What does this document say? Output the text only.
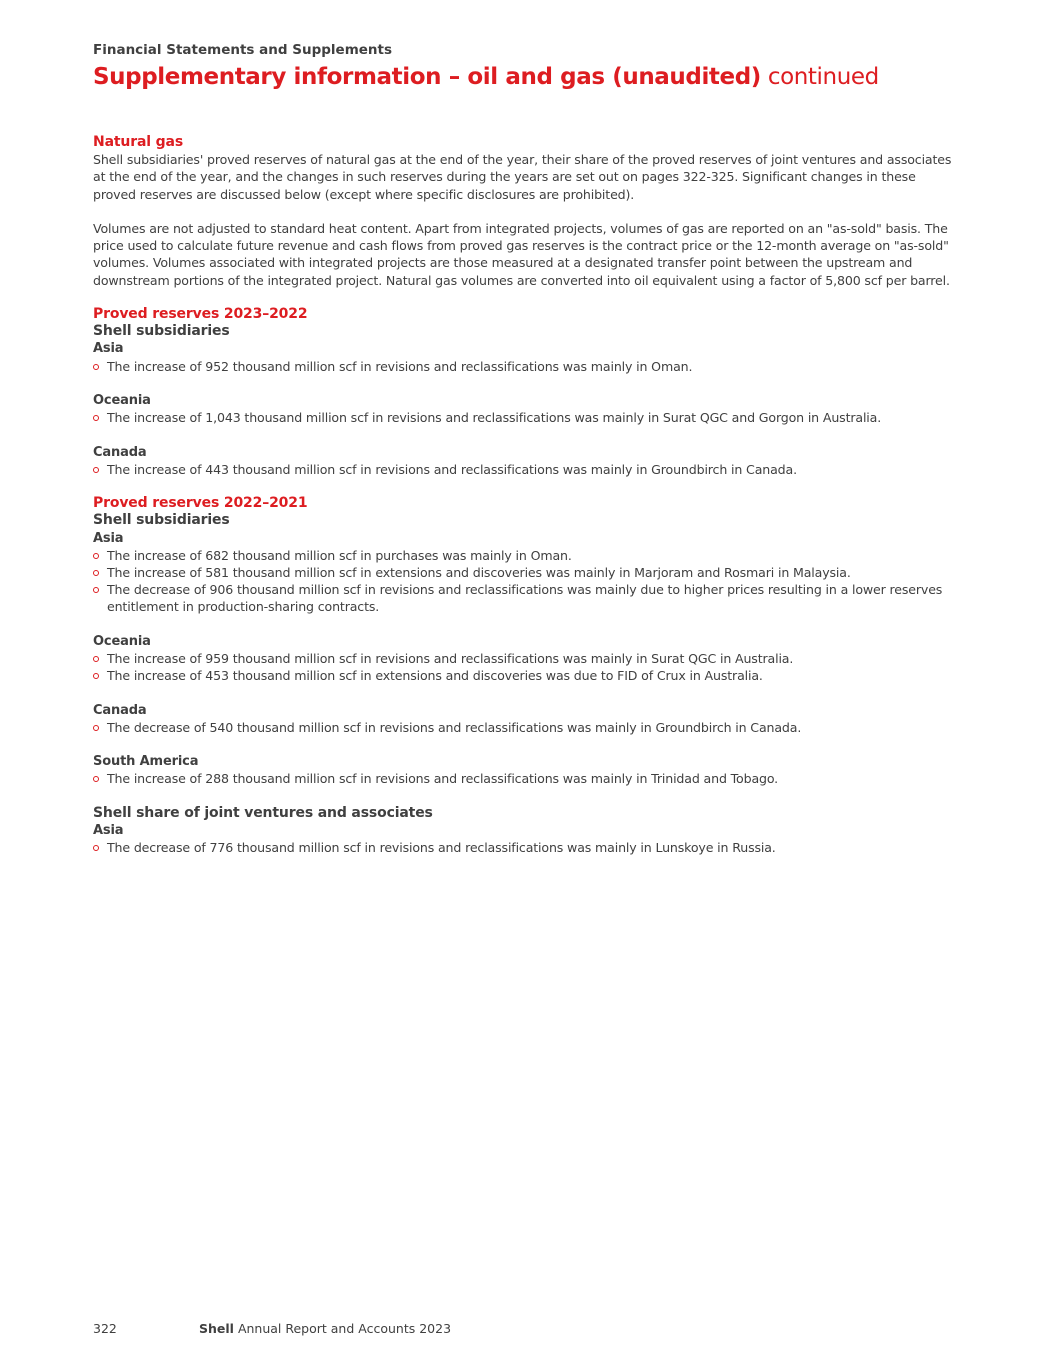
Financial Statements and Supplements
Supplementary information – oil and gas (unaudited) continued
Natural gas

Shell subsidiaries' proved reserves of natural gas at the end of the year, their share of the proved reserves of joint ventures and associates at the end of the year, and the changes in such reserves during the years are set out on pages 322-325. Significant changes in these proved reserves are discussed below (except where specific disclosures are prohibited).

Volumes are not adjusted to standard heat content. Apart from integrated projects, volumes of gas are reported on an "as-sold" basis. The price used to calculate future revenue and cash flows from proved gas reserves is the contract price or the 12-month average on "as-sold" volumes. Volumes associated with integrated projects are those measured at a designated transfer point between the upstream and downstream portions of the integrated project. Natural gas volumes are converted into oil equivalent using a factor of 5,800 scf per barrel.

Proved reserves 2023–2022
Shell subsidiaries
Asia
The increase of 952 thousand million scf in revisions and reclassifications was mainly in Oman.
Oceania
The increase of 1,043 thousand million scf in revisions and reclassifications was mainly in Surat QGC and Gorgon in Australia.
Canada
The increase of 443 thousand million scf in revisions and reclassifications was mainly in Groundbirch in Canada.
Proved reserves 2022–2021
Shell subsidiaries
Asia
The increase of 682 thousand million scf in purchases was mainly in Oman.
The increase of 581 thousand million scf in extensions and discoveries was mainly in Marjoram and Rosmari in Malaysia.
The decrease of 906 thousand million scf in revisions and reclassifications was mainly due to higher prices resulting in a lower reserves entitlement in production-sharing contracts.
Oceania
The increase of 959 thousand million scf in revisions and reclassifications was mainly in Surat QGC in Australia.
The increase of 453 thousand million scf in extensions and discoveries was due to FID of Crux in Australia.
Canada
The decrease of 540 thousand million scf in revisions and reclassifications was mainly in Groundbirch in Canada.
South America
The increase of 288 thousand million scf in revisions and reclassifications was mainly in Trinidad and Tobago.
Shell share of joint ventures and associates
Asia
The decrease of 776 thousand million scf in revisions and reclassifications was mainly in Lunskoye in Russia.
322	Shell Annual Report and Accounts 2023
